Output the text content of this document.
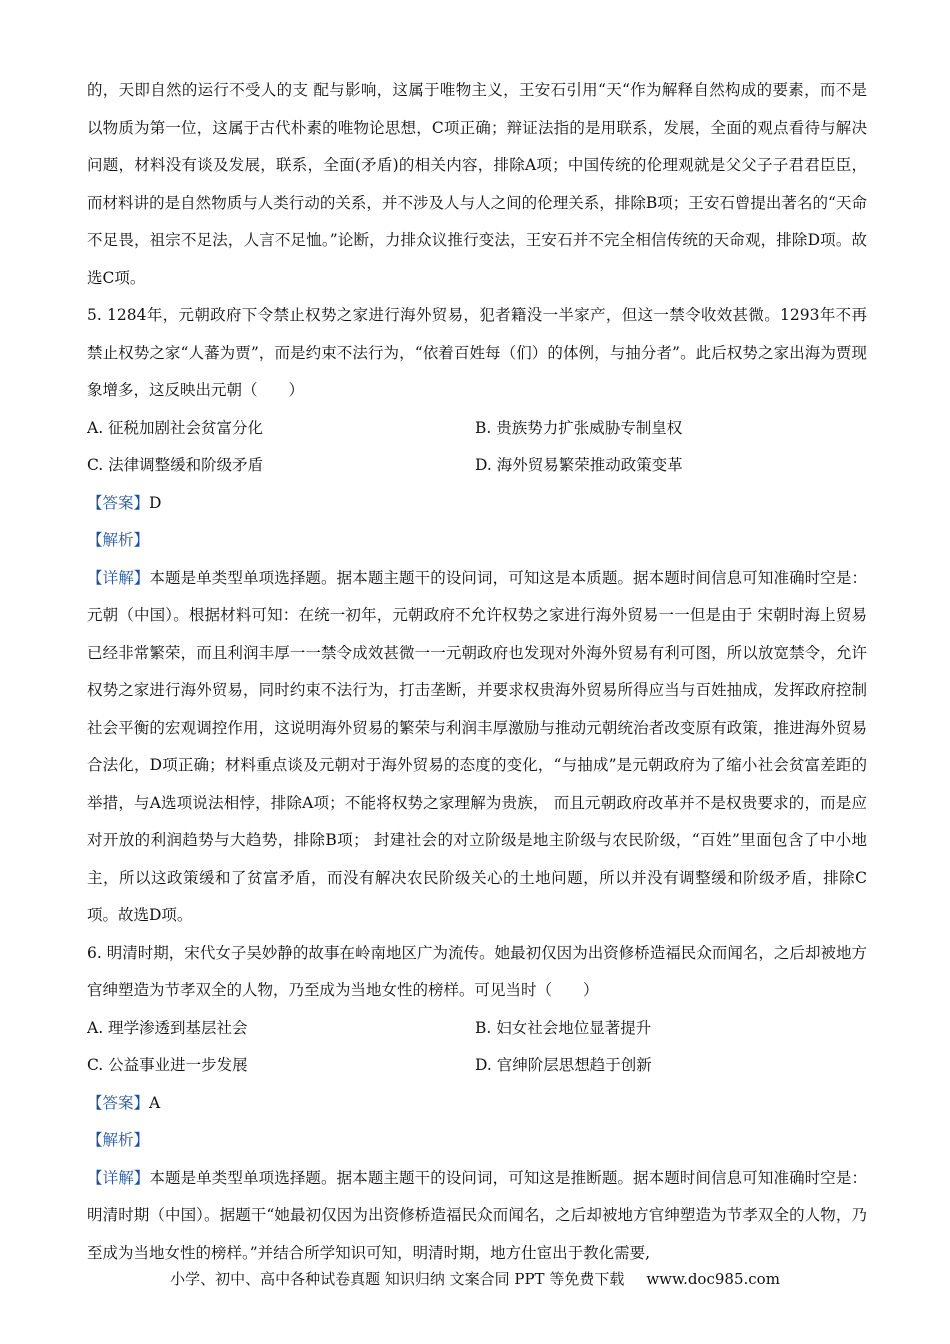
的，天即自然的运行不受人的支 配与影响，这属于唯物主义，王安石引用“天“作为解释自然构成的要素，而不是以物质为第一位，这属于古代朴素的唯物论思想，C项正确；辩证法指的是用联系，发展，全面的观点看待与解决问题，材料没有谈及发展，联系，全面(矛盾)的相关内容，排除A项；中国传统的伦理观就是父父子子君君臣臣，而材料讲的是自然物质与人类行动的关系，并不涉及人与人之间的伦理关系，排除B项；王安石曾提出著名的“天命不足畏，祖宗不足法，人言不足恤。”论断，力排众议推行变法，王安石并不完全相信传统的天命观，排除D项。故选C项。

5. 1284年，元朝政府下令禁止权势之家进行海外贸易，犯者籍没一半家产，但这一禁令收效甚微。1293年不再禁止权势之家“人蕃为贾”，而是约束不法行为，“依着百姓每（们）的体例，与抽分者”。此后权势之家出海为贾现象增多，这反映出元朝（　　）

A. 征税加剧社会贫富分化	B. 贵族势力扩张威胁专制皇权

C. 法律调整缓和阶级矛盾	D. 海外贸易繁荣推动政策变革

【答案】D

【解析】

【详解】本题是单类型单项选择题。据本题主题干的设问词，可知这是本质题。据本题时间信息可知准确时空是：元朝（中国）。根据材料可知：在统一初年，元朝政府不允许权势之家进行海外贸易一一但是由于 宋朝时海上贸易已经非常繁荣，而且利润丰厚一一禁令成效甚微一一元朝政府也发现对外海外贸易有利可图，所以放宽禁令，允许权势之家进行海外贸易，同时约束不法行为，打击垄断，并要求权贵海外贸易所得应当与百姓抽成，发挥政府控制社会平衡的宏观调控作用，这说明海外贸易的繁荣与利润丰厚激励与推动元朝统治者改变原有政策，推进海外贸易合法化，D项正确；材料重点谈及元朝对于海外贸易的态度的变化，“与抽成”是元朝政府为了缩小社会贫富差距的举措，与A选项说法相悖，排除A项；不能将权势之家理解为贵族， 而且元朝政府改革并不是权贵要求的，而是应对开放的利润趋势与大趋势，排除B项； 封建社会的对立阶级是地主阶级与农民阶级，“百姓”里面包含了中小地主，所以这政策缓和了贫富矛盾，而没有解决农民阶级关心的土地问题，所以并没有调整缓和阶级矛盾，排除C项。故选D项。

6. 明清时期，宋代女子吴妙静的故事在岭南地区广为流传。她最初仅因为出资修桥造福民众而闻名，之后却被地方官绅塑造为节孝双全的人物，乃至成为当地女性的榜样。可见当时（　　）

A. 理学渗透到基层社会	B. 妇女社会地位显著提升

C. 公益事业进一步发展	D. 官绅阶层思想趋于创新

【答案】A

【解析】

【详解】本题是单类型单项选择题。据本题主题干的设问词，可知这是推断题。据本题时间信息可知准确时空是：明清时期（中国）。据题干“她最初仅因为出资修桥造福民众而闻名，之后却被地方官绅塑造为节孝双全的人物，乃至成为当地女性的榜样。”并结合所学知识可知，明清时期，地方仕宦出于教化需要,

小学、初中、高中各种试卷真题 知识归纳 文案合同 PPT 等免费下载 www.doc985.com
